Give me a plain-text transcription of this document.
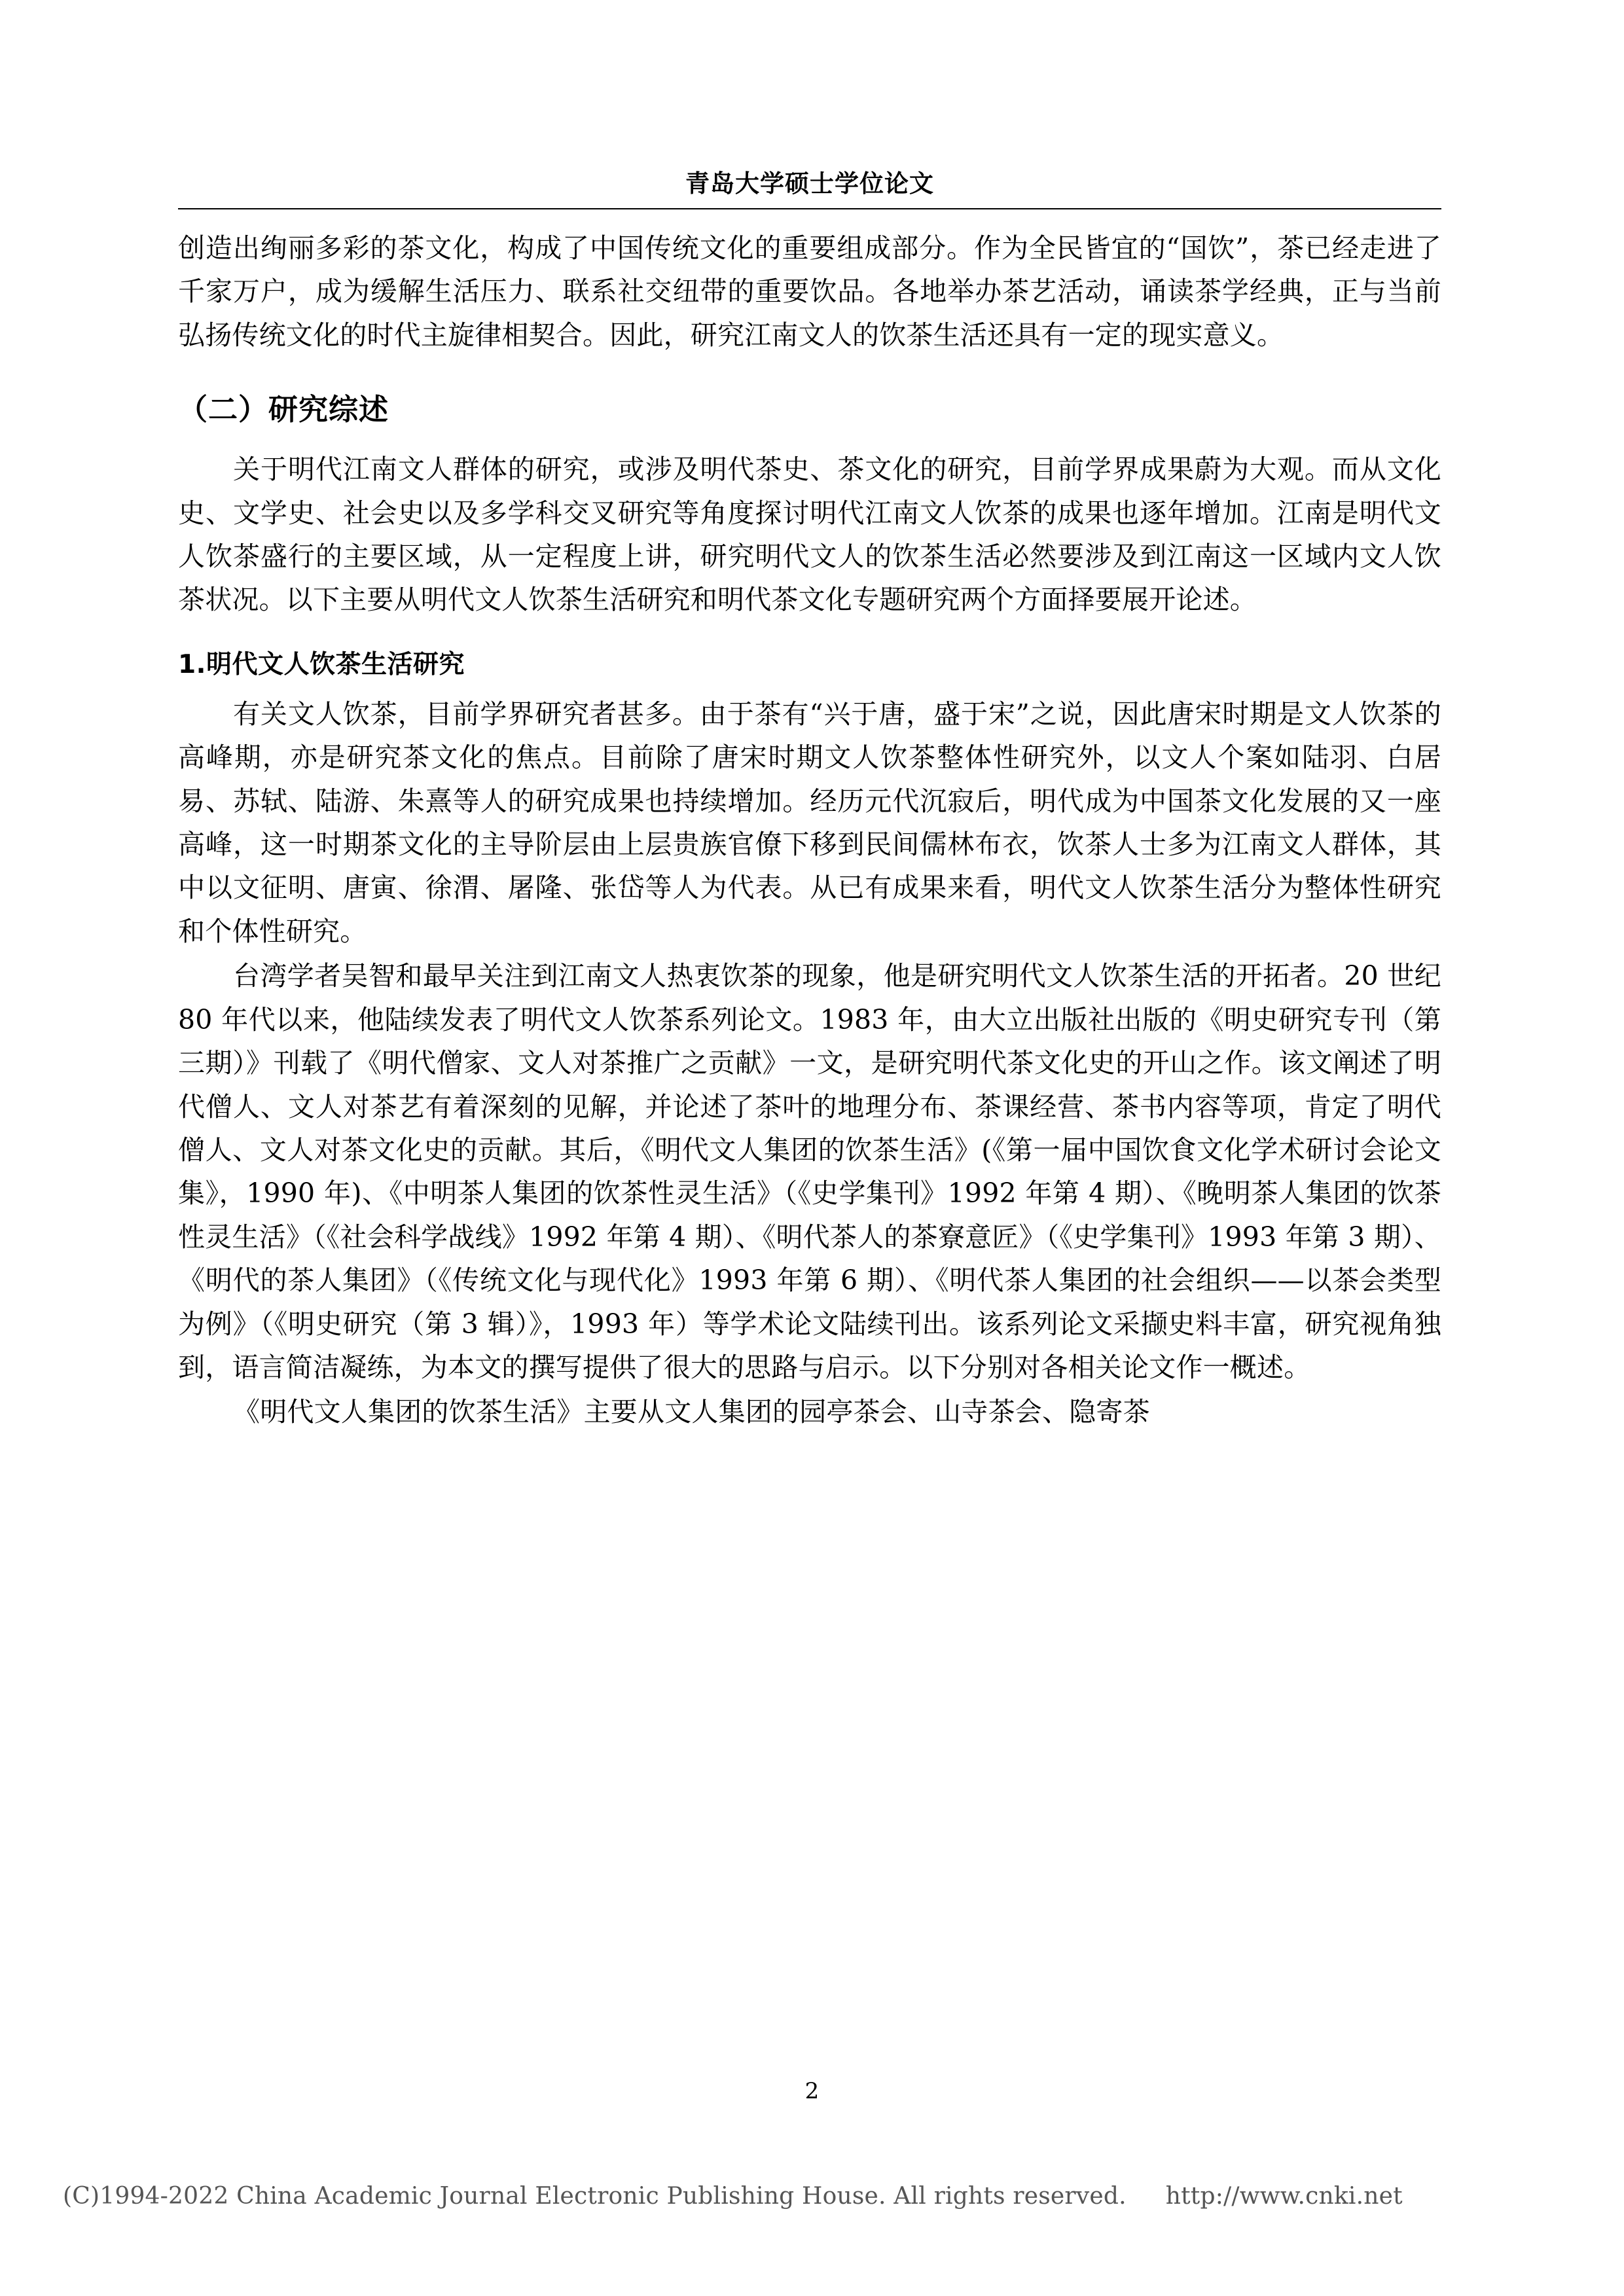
青岛大学硕士学位论文

创造出绚丽多彩的茶文化，构成了中国传统文化的重要组成部分。作为全民皆宜的“国饮”，茶已经走进了千家万户，成为缓解生活压力、联系社交纽带的重要饮品。各地举办茶艺活动，诵读茶学经典，正与当前弘扬传统文化的时代主旋律相契合。因此，研究江南文人的饮茶生活还具有一定的现实意义。

（二）研究综述

关于明代江南文人群体的研究，或涉及明代茶史、茶文化的研究，目前学界成果蔚为大观。而从文化史、文学史、社会史以及多学科交叉研究等角度探讨明代江南文人饮茶的成果也逐年增加。江南是明代文人饮茶盛行的主要区域，从一定程度上讲，研究明代文人的饮茶生活必然要涉及到江南这一区域内文人饮茶状况。以下主要从明代文人饮茶生活研究和明代茶文化专题研究两个方面择要展开论述。

1.明代文人饮茶生活研究

有关文人饮茶，目前学界研究者甚多。由于茶有“兴于唐，盛于宋”之说，因此唐宋时期是文人饮茶的高峰期，亦是研究茶文化的焦点。目前除了唐宋时期文人饮茶整体性研究外，以文人个案如陆羽、白居易、苏轼、陆游、朱熹等人的研究成果也持续增加。经历元代沉寂后，明代成为中国茶文化发展的又一座高峰，这一时期茶文化的主导阶层由上层贵族官僚下移到民间儒林布衣，饮茶人士多为江南文人群体，其中以文征明、唐寅、徐渭、屠隆、张岱等人为代表。从已有成果来看，明代文人饮茶生活分为整体性研究和个体性研究。

台湾学者吴智和最早关注到江南文人热衷饮茶的现象，他是研究明代文人饮茶生活的开拓者。20 世纪 80 年代以来，他陆续发表了明代文人饮茶系列论文。1983 年，由大立出版社出版的《明史研究专刊（第三期）》刊载了《明代僧家、文人对茶推广之贡献》一文，是研究明代茶文化史的开山之作。该文阐述了明代僧人、文人对茶艺有着深刻的见解，并论述了茶叶的地理分布、茶课经营、茶书内容等项，肯定了明代僧人、文人对茶文化史的贡献。其后，《明代文人集团的饮茶生活》(《第一届中国饮食文化学术研讨会论文集》，1990 年)、《中明茶人集团的饮茶性灵生活》（《史学集刊》1992 年第 4 期）、《晚明茶人集团的饮茶性灵生活》（《社会科学战线》1992 年第 4 期）、《明代茶人的茶寮意匠》（《史学集刊》1993 年第 3 期）、《明代的茶人集团》（《传统文化与现代化》1993 年第 6 期）、《明代茶人集团的社会组织——以茶会类型为例》（《明史研究（第 3 辑）》，1993 年）等学术论文陆续刊出。该系列论文采撷史料丰富，研究视角独到，语言简洁凝练，为本文的撰写提供了很大的思路与启示。以下分别对各相关论文作一概述。

《明代文人集团的饮茶生活》主要从文人集团的园亭茶会、山寺茶会、隐寄茶

2
(C)1994-2022 China Academic Journal Electronic Publishing House. All rights reserved. http://www.cnki.net
